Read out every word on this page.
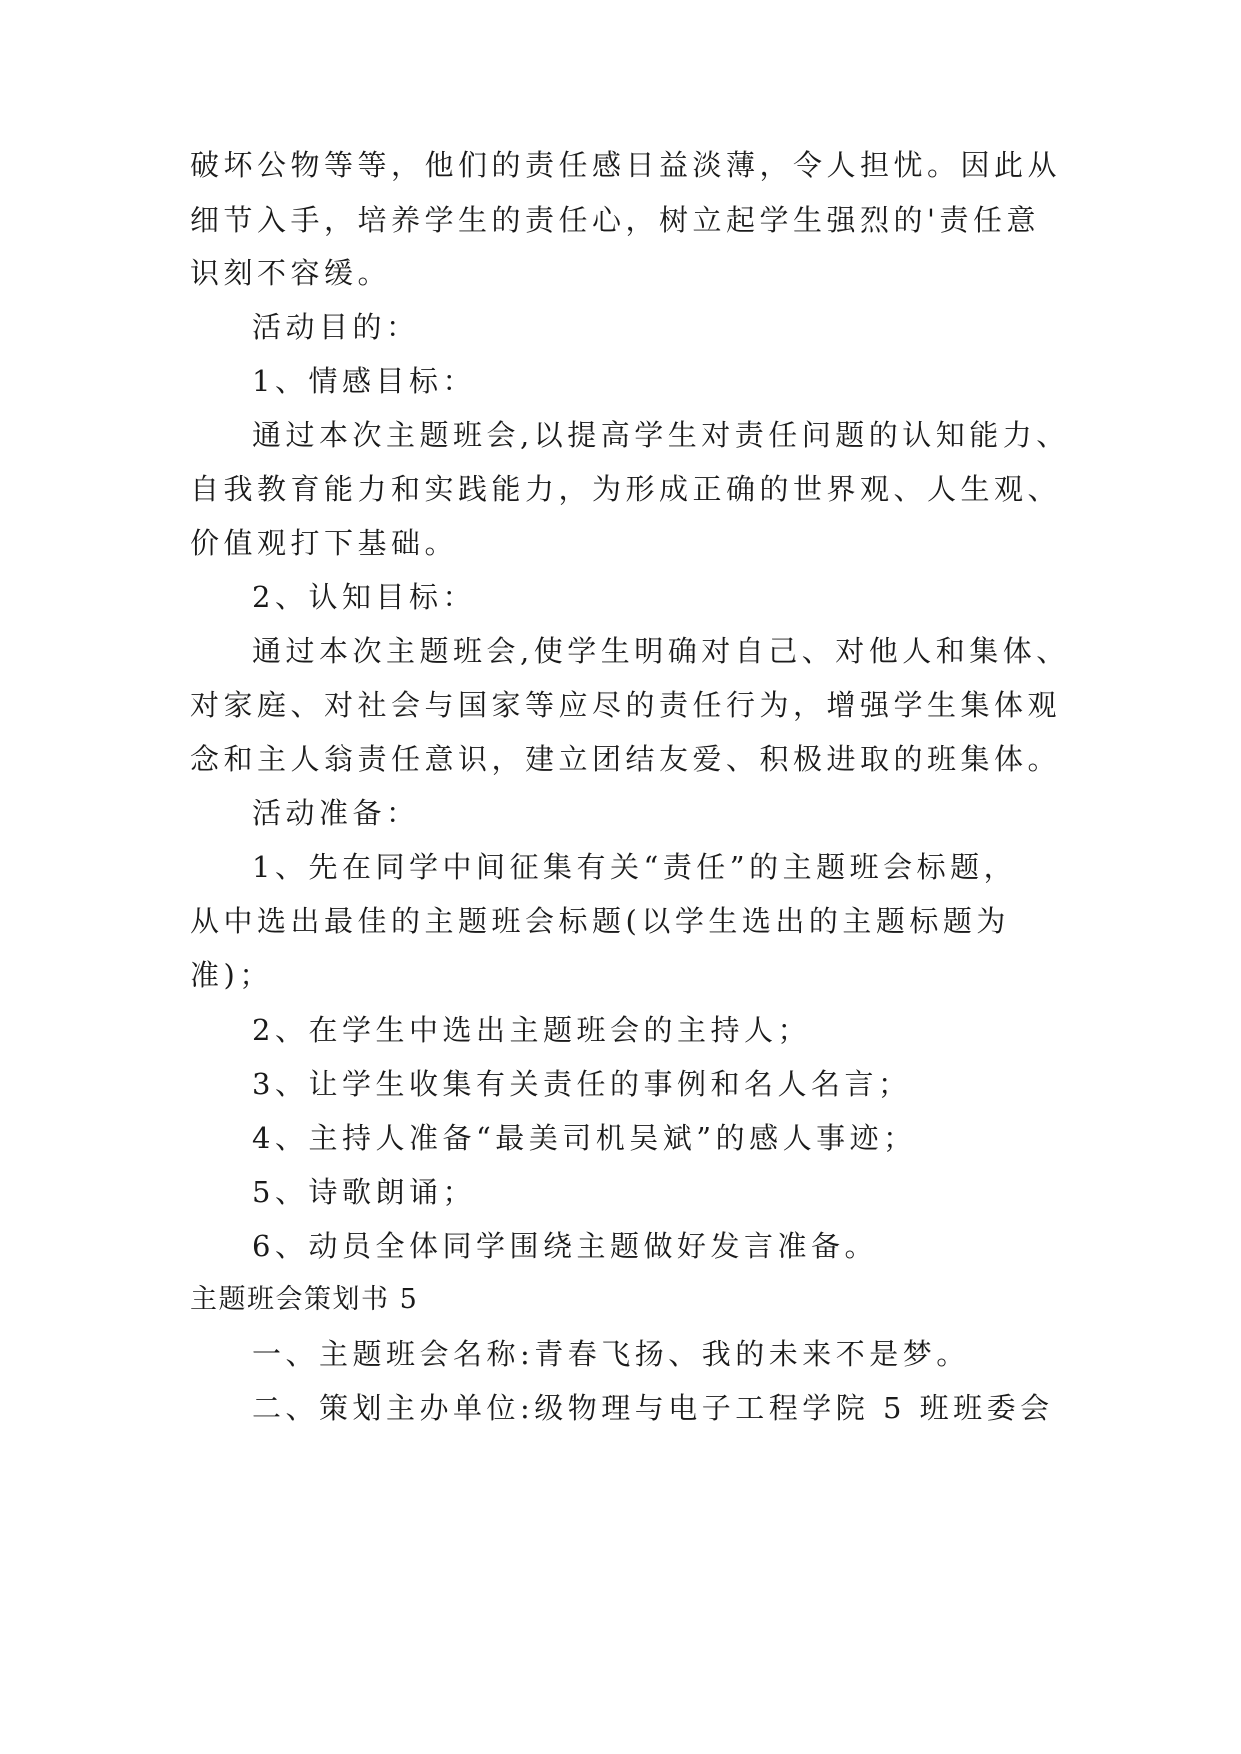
破坏公物等等，他们的责任感日益淡薄，令人担忧。因此从
细节入手，培养学生的责任心，树立起学生强烈的'责任意
识刻不容缓。
活动目的：
1、情感目标：
通过本次主题班会,以提高学生对责任问题的认知能力、
自我教育能力和实践能力，为形成正确的世界观、人生观、
价值观打下基础。
2、认知目标：
通过本次主题班会,使学生明确对自己、对他人和集体、
对家庭、对社会与国家等应尽的责任行为，增强学生集体观
念和主人翁责任意识，建立团结友爱、积极进取的班集体。
活动准备：
1、先在同学中间征集有关“责任”的主题班会标题，
从中选出最佳的主题班会标题(以学生选出的主题标题为
准)；
2、在学生中选出主题班会的主持人；
3、让学生收集有关责任的事例和名人名言；
4、主持人准备“最美司机吴斌”的感人事迹；
5、诗歌朗诵；
6、动员全体同学围绕主题做好发言准备。
主题班会策划书 5
一、主题班会名称:青春飞扬、我的未来不是梦。
二、策划主办单位:级物理与电子工程学院 5 班班委会
